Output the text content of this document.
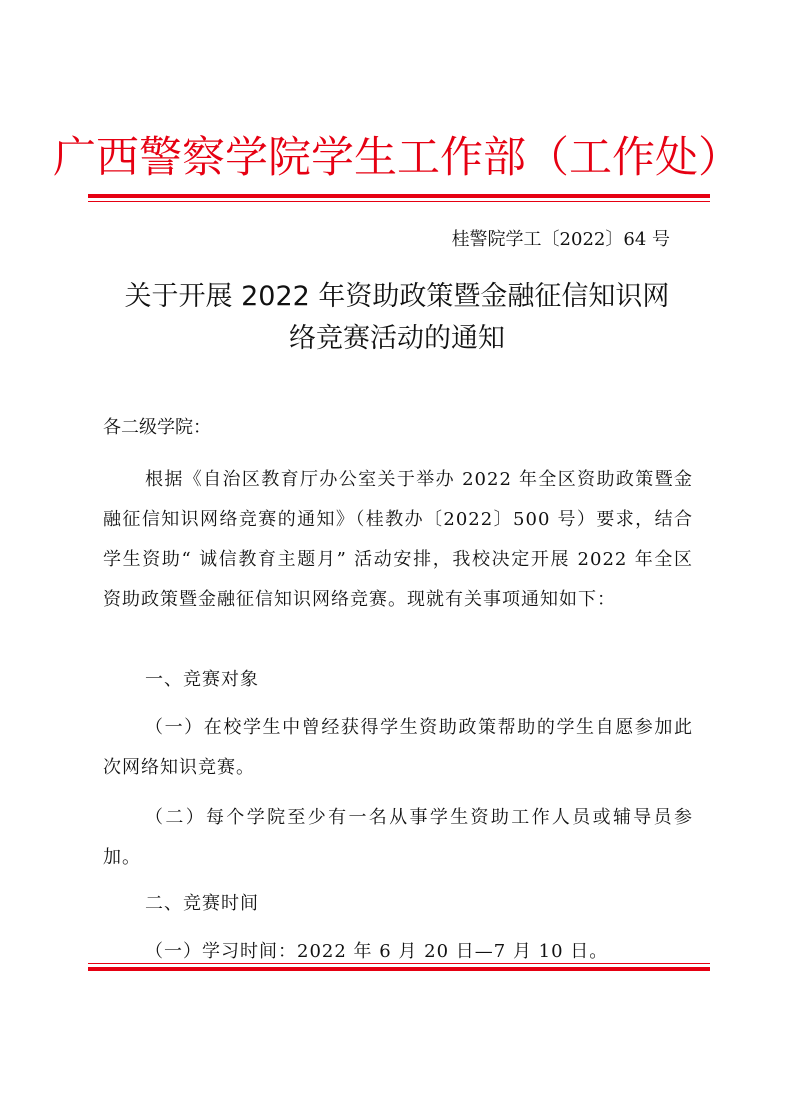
广西警察学院学生工作部（工作处）
桂警院学工〔2022〕64 号
关于开展 2022 年资助政策暨金融征信知识网
络竞赛活动的通知
各二级学院：
根据《自治区教育厅办公室关于举办 2022 年全区资助政策暨金融征信知识网络竞赛的通知》（桂教办〔2022〕500 号）要求，结合学生资助“ 诚信教育主题月” 活动安排，我校决定开展 2022 年全区资助政策暨金融征信知识网络竞赛。现就有关事项通知如下：
一、竞赛对象
（一）在校学生中曾经获得学生资助政策帮助的学生自愿参加此次网络知识竞赛。
（二）每个学院至少有一名从事学生资助工作人员或辅导员参加。
二、竞赛时间
（一）学习时间：2022 年 6 月 20 日—7 月 10 日。
